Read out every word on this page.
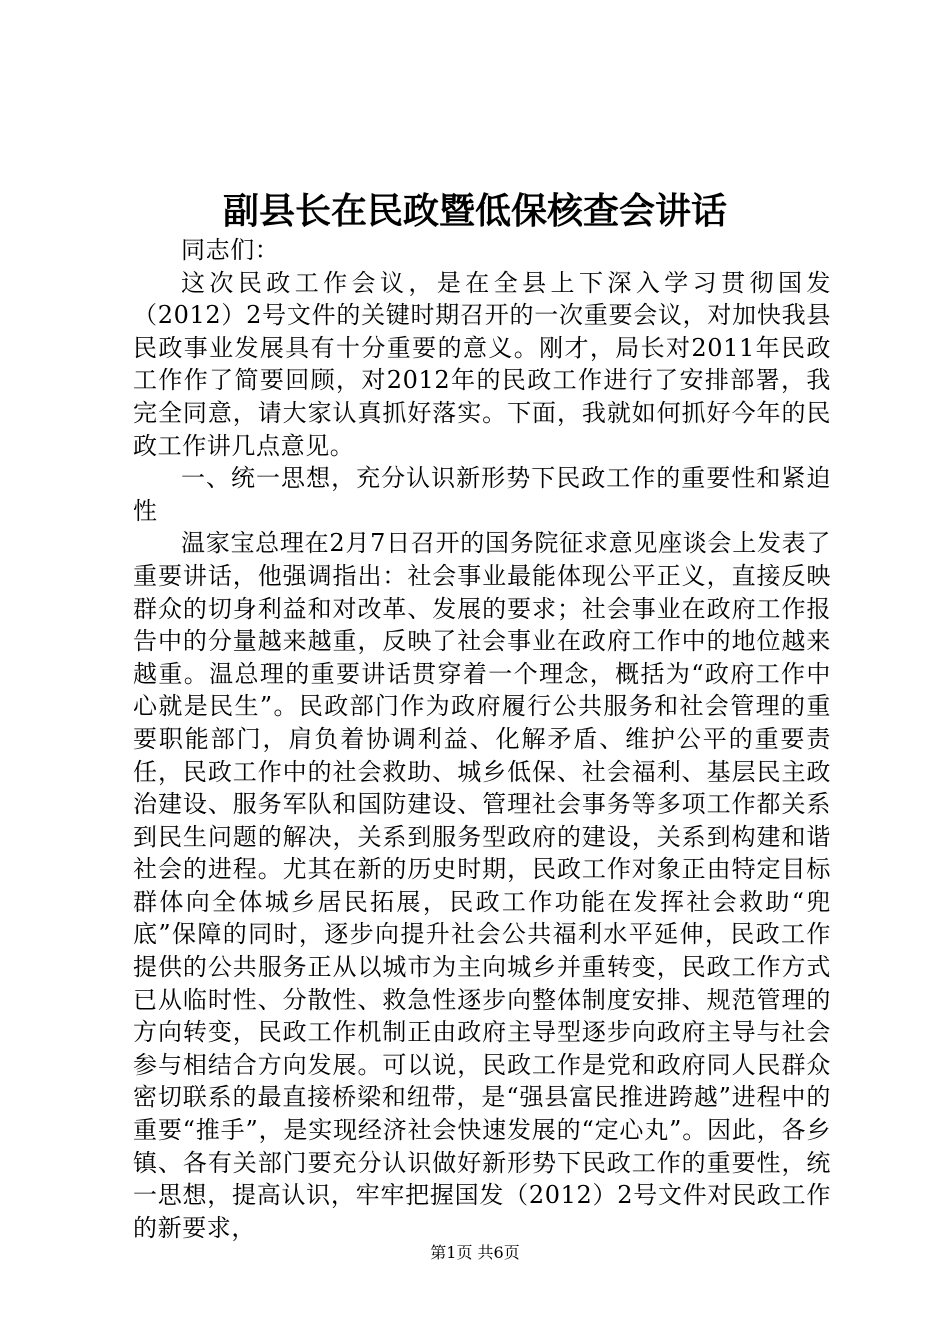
副县长在民政暨低保核查会讲话

同志们：

这次民政工作会议，是在全县上下深入学习贯彻国发（2012）2号文件的关键时期召开的一次重要会议，对加快我县民政事业发展具有十分重要的意义。刚才，局长对2011年民政工作作了简要回顾，对2012年的民政工作进行了安排部署，我完全同意，请大家认真抓好落实。下面，我就如何抓好今年的民政工作讲几点意见。

一、统一思想，充分认识新形势下民政工作的重要性和紧迫性

温家宝总理在2月7日召开的国务院征求意见座谈会上发表了重要讲话，他强调指出：社会事业最能体现公平正义，直接反映群众的切身利益和对改革、发展的要求；社会事业在政府工作报告中的分量越来越重，反映了社会事业在政府工作中的地位越来越重。温总理的重要讲话贯穿着一个理念，概括为“政府工作中心就是民生”。民政部门作为政府履行公共服务和社会管理的重要职能部门，肩负着协调利益、化解矛盾、维护公平的重要责任，民政工作中的社会救助、城乡低保、社会福利、基层民主政治建设、服务军队和国防建设、管理社会事务等多项工作都关系到民生问题的解决，关系到服务型政府的建设，关系到构建和谐社会的进程。尤其在新的历史时期，民政工作对象正由特定目标群体向全体城乡居民拓展，民政工作功能在发挥社会救助“兜底”保障的同时，逐步向提升社会公共福利水平延伸，民政工作提供的公共服务正从以城市为主向城乡并重转变，民政工作方式已从临时性、分散性、救急性逐步向整体制度安排、规范管理的方向转变，民政工作机制正由政府主导型逐步向政府主导与社会参与相结合方向发展。可以说，民政工作是党和政府同人民群众密切联系的最直接桥梁和纽带，是“强县富民推进跨越”进程中的重要“推手”，是实现经济社会快速发展的“定心丸”。因此，各乡镇、各有关部门要充分认识做好新形势下民政工作的重要性，统一思想，提高认识，牢牢把握国发（2012）2号文件对民政工作的新要求，

第1页 共6页
